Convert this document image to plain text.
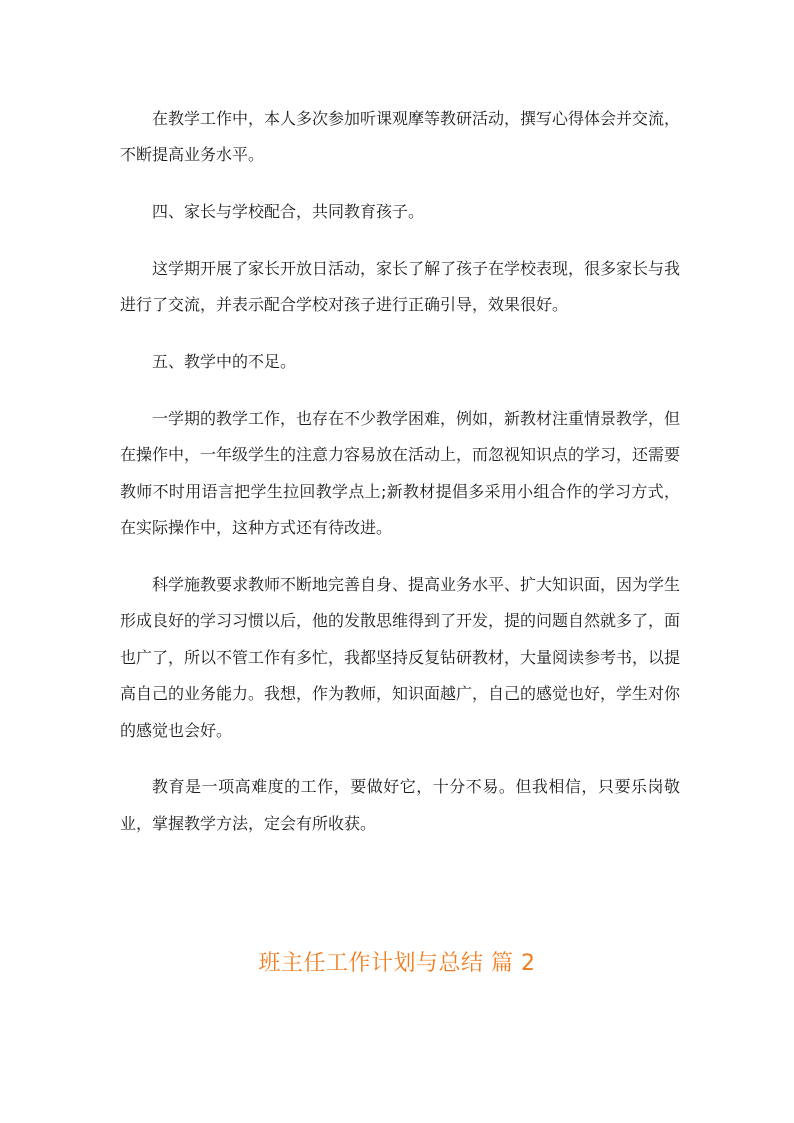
在教学工作中，本人多次参加听课观摩等教研活动，撰写心得体会并交流，不断提高业务水平。

四、家长与学校配合，共同教育孩子。

这学期开展了家长开放日活动，家长了解了孩子在学校表现，很多家长与我进行了交流，并表示配合学校对孩子进行正确引导，效果很好。

五、教学中的不足。

一学期的教学工作，也存在不少教学困难，例如，新教材注重情景教学，但在操作中，一年级学生的注意力容易放在活动上，而忽视知识点的学习，还需要教师不时用语言把学生拉回教学点上;新教材提倡多采用小组合作的学习方式，在实际操作中，这种方式还有待改进。

科学施教要求教师不断地完善自身、提高业务水平、扩大知识面，因为学生形成良好的学习习惯以后，他的发散思维得到了开发，提的问题自然就多了，面也广了，所以不管工作有多忙，我都坚持反复钻研教材，大量阅读参考书，以提高自己的业务能力。我想，作为教师，知识面越广，自己的感觉也好，学生对你的感觉也会好。

教育是一项高难度的工作，要做好它，十分不易。但我相信，只要乐岗敬业，掌握教学方法，定会有所收获。

班主任工作计划与总结 篇 2
